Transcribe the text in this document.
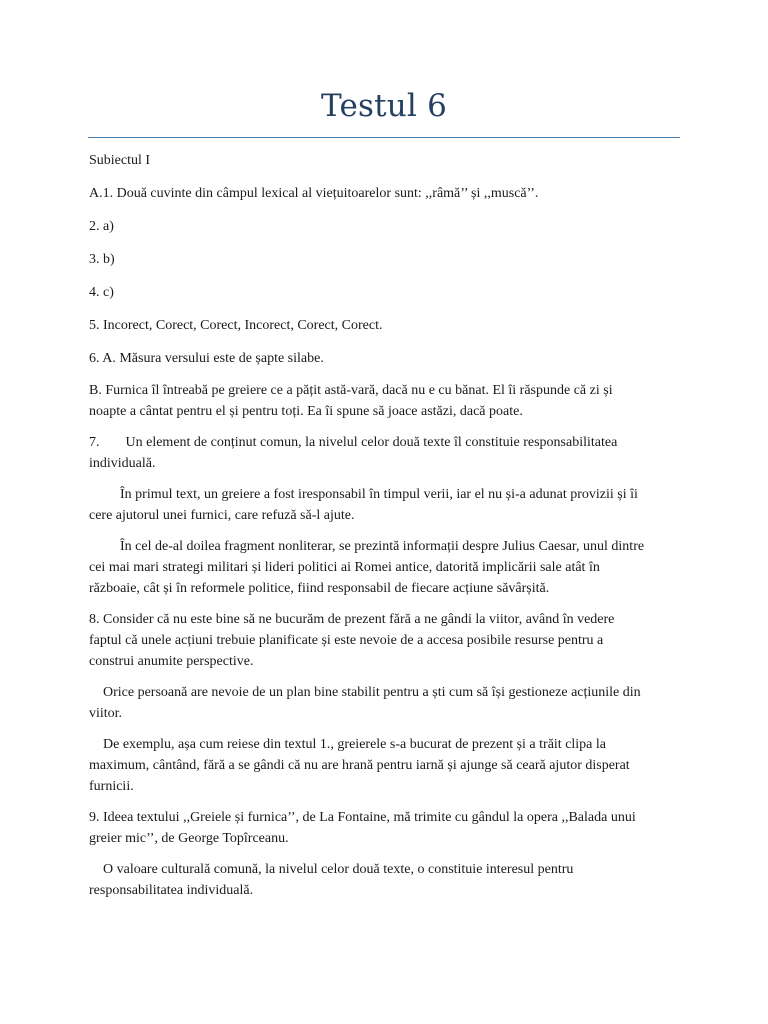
Testul 6

Subiectul I

A.1. Două cuvinte din câmpul lexical al viețuitoarelor sunt: ,,râmă’’ și ,,muscă’’.

2. a)

3. b)

4. c)

5. Incorect, Corect, Corect, Incorect, Corect, Corect.

6. A. Măsura versului este de șapte silabe.

B. Furnica îl întreabă pe greiere ce a pățit astă-vară, dacă nu e cu bănat. El îi răspunde că zi și noapte a cântat pentru el și pentru toți. Ea îi spune să joace astăzi, dacă poate.

7. Un element de conținut comun, la nivelul celor două texte îl constituie responsabilitatea individuală.

În primul text, un greiere a fost iresponsabil în timpul verii, iar el nu și-a adunat provizii și îi cere ajutorul unei furnici, care refuză să-l ajute.

În cel de-al doilea fragment nonliterar, se prezintă informații despre Julius Caesar, unul dintre cei mai mari strategi militari și lideri politici ai Romei antice, datorită implicării sale atât în războaie, cât și în reformele politice, fiind responsabil de fiecare acțiune săvârșită.

8. Consider că nu este bine să ne bucurăm de prezent fără a ne gândi la viitor, având în vedere faptul că unele acțiuni trebuie planificate și este nevoie de a accesa posibile resurse pentru a construi anumite perspective.

Orice persoană are nevoie de un plan bine stabilit pentru a ști cum să își gestioneze acțiunile din viitor.

De exemplu, așa cum reiese din textul 1., greierele s-a bucurat de prezent și a trăit clipa la maximum, cântând, fără a se gândi că nu are hrană pentru iarnă și ajunge să ceară ajutor disperat furnicii.

9. Ideea textului ,,Greiele și furnica’’, de La Fontaine, mă trimite cu gândul la opera ,,Balada unui greier mic’’, de George Topîrceanu.

O valoare culturală comună, la nivelul celor două texte, o constituie interesul pentru responsabilitatea individuală.
